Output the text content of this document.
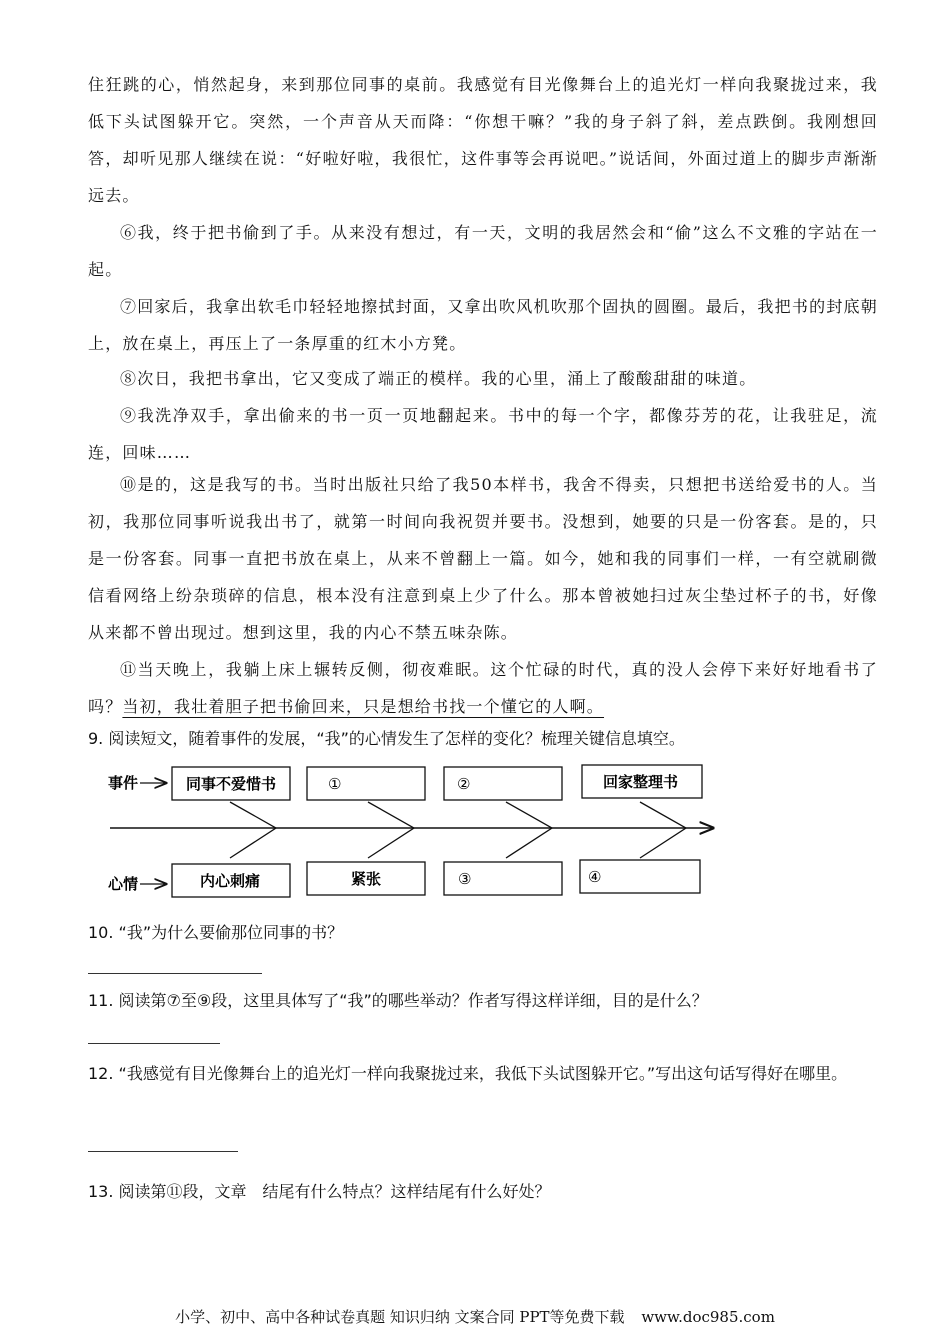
住狂跳的心，悄然起身，来到那位同事的桌前。我感觉有目光像舞台上的追光灯一样向我聚拢过来，我低下头试图躲开它。突然，一个声音从天而降：“你想干嘛？”我的身子斜了斜，差点跌倒。我刚想回答，却听见那人继续在说：“好啦好啦，我很忙，这件事等会再说吧。”说话间，外面过道上的脚步声渐渐远去。

⑥我，终于把书偷到了手。从来没有想过，有一天，文明的我居然会和“偷”这么不文雅的字站在一起。

⑦回家后，我拿出软毛巾轻轻地擦拭封面，又拿出吹风机吹那个固执的圆圈。最后，我把书的封底朝上，放在桌上，再压上了一条厚重的红木小方凳。

⑧次日，我把书拿出，它又变成了端正的模样。我的心里，涌上了酸酸甜甜的味道。

⑨我洗净双手，拿出偷来的书一页一页地翻起来。书中的每一个字，都像芬芳的花，让我驻足，流连，回味……

⑩是的，这是我写的书。当时出版社只给了我50本样书，我舍不得卖，只想把书送给爱书的人。当初，我那位同事听说我出书了，就第一时间向我祝贺并要书。没想到，她要的只是一份客套。是的，只是一份客套。同事一直把书放在桌上，从来不曾翻上一篇。如今，她和我的同事们一样，一有空就刷微信看网络上纷杂琐碎的信息，根本没有注意到桌上少了什么。那本曾被她扫过灰尘垫过杯子的书，好像从来都不曾出现过。想到这里，我的内心不禁五味杂陈。

⑪当天晚上，我躺上床上辗转反侧，彻夜难眠。这个忙碌的时代，真的没人会停下来好好地看书了吗？当初，我壮着胆子把书偷回来，只是想给书找一个懂它的人啊。

9. 阅读短文，随着事件的发展，“我”的心情发生了怎样的变化？梳理关键信息填空。

事件
心情
同事不爱惜书	①	②	回家整理书
内心刺痛	紧张	③	④

10. “我”为什么要偷那位同事的书？

11. 阅读第⑦至⑨段，这里具体写了“我”的哪些举动？作者写得这样详细，目的是什么？

12. “我感觉有目光像舞台上的追光灯一样向我聚拢过来，我低下头试图躲开它。”写出这句话写得好在哪里。

13. 阅读第⑪段，文章　结尾有什么特点？这样结尾有什么好处？

小学、初中、高中各种试卷真题 知识归纳 文案合同 PPT等免费下载 www.doc985.com
